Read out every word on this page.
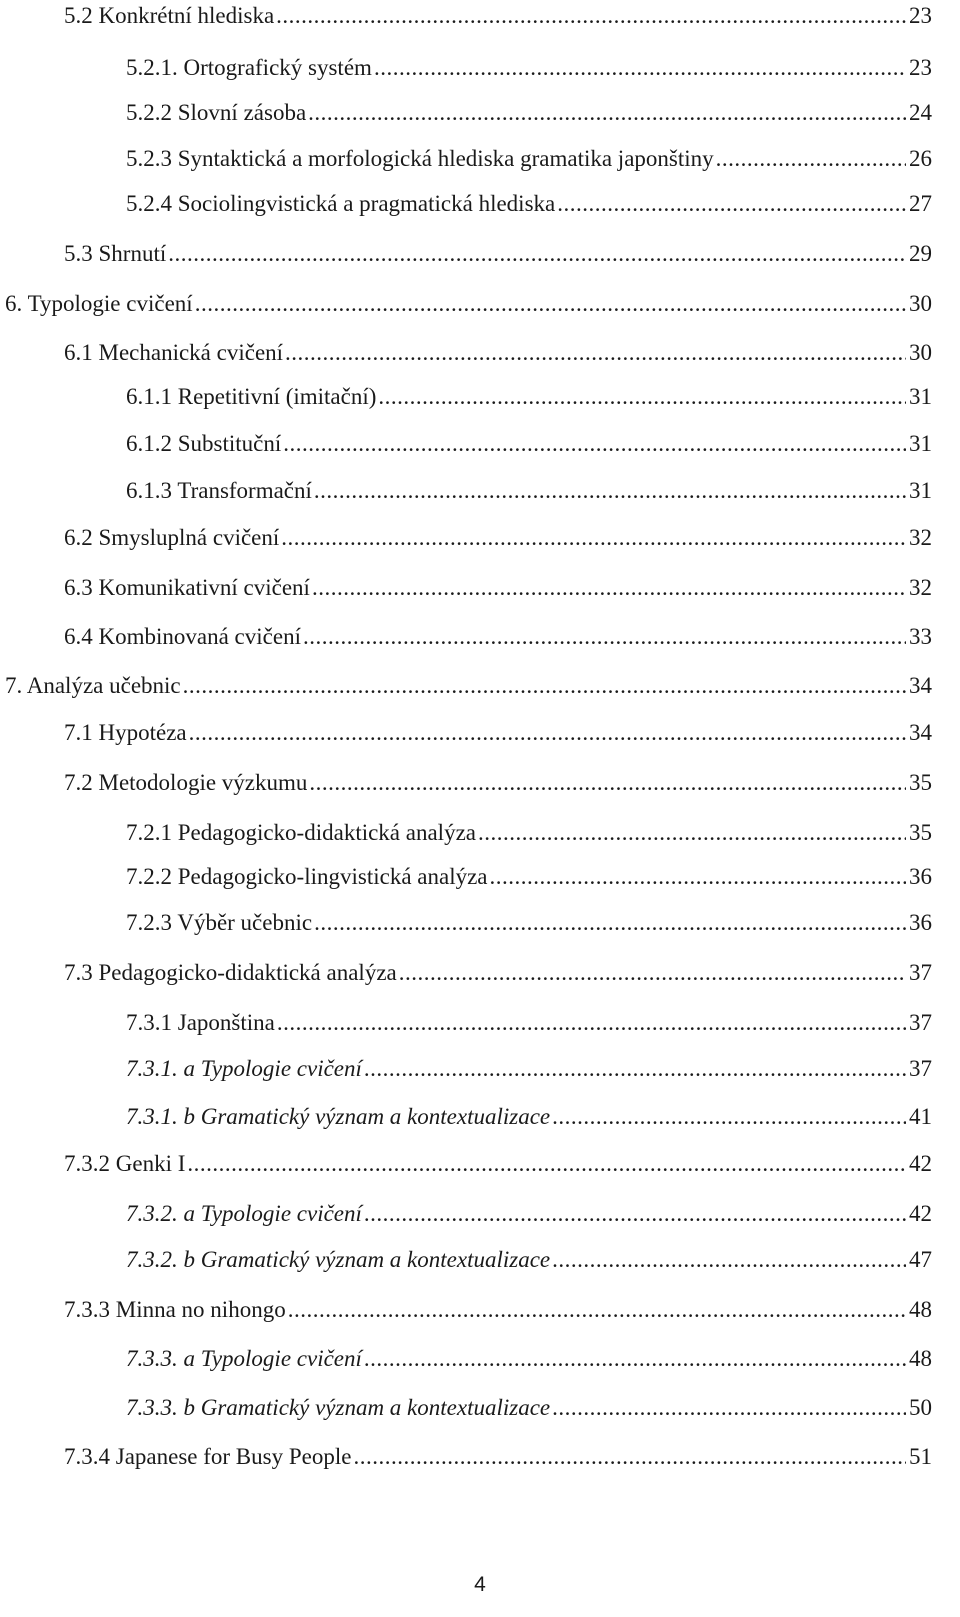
5.2 Konkrétní hlediska .....	23
5.2.1. Ortografický systém .....	23
5.2.2 Slovní zásoba .....	24
5.2.3 Syntaktická a morfologická hlediska gramatika japonštiny .....	26
5.2.4 Sociolingvistická a pragmatická hlediska .....	27
5.3 Shrnutí .....	29
6. Typologie cvičení .....	30
6.1 Mechanická cvičení .....	30
6.1.1 Repetitivní (imitační) .....	31
6.1.2 Substituční .....	31
6.1.3 Transformační .....	31
6.2 Smysluplná cvičení .....	32
6.3 Komunikativní cvičení .....	32
6.4 Kombinovaná cvičení .....	33
7. Analýza učebnic .....	34
7.1 Hypotéza .....	34
7.2 Metodologie výzkumu .....	35
7.2.1 Pedagogicko-didaktická analýza .....	35
7.2.2 Pedagogicko-lingvistická analýza .....	36
7.2.3 Výběr učebnic .....	36
7.3 Pedagogicko-didaktická analýza .....	37
7.3.1 Japonština .....	37
7.3.1. a Typologie cvičení .....	37
7.3.1. b Gramatický význam a kontextualizace .....	41
7.3.2 Genki I .....	42
7.3.2. a Typologie cvičení .....	42
7.3.2. b Gramatický význam a kontextualizace .....	47
7.3.3 Minna no nihongo .....	48
7.3.3. a Typologie cvičení .....	48
7.3.3. b Gramatický význam a kontextualizace .....	50
7.3.4 Japanese for Busy People .....	51
4
